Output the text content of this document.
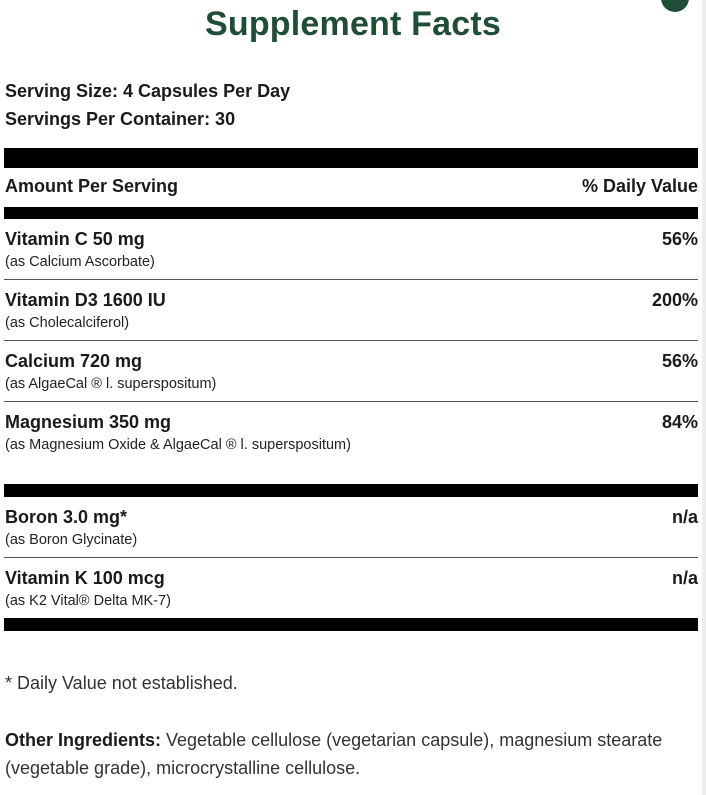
Supplement Facts
Serving Size: 4 Capsules Per Day
Servings Per Container: 30
Amount Per Serving	% Daily Value
Vitamin C 50 mg	56%
(as Calcium Ascorbate)
Vitamin D3 1600 IU	200%
(as Cholecalciferol)
Calcium 720 mg	56%
(as AlgaeCal ® l. superspositum)
Magnesium 350 mg	84%
(as Magnesium Oxide & AlgaeCal ® l. superspositum)
Boron 3.0 mg*	n/a
(as Boron Glycinate)
Vitamin K 100 mcg	n/a
(as K2 Vital® Delta MK-7)
* Daily Value not established.
Other Ingredients: Vegetable cellulose (vegetarian capsule), magnesium stearate (vegetable grade), microcrystalline cellulose.
